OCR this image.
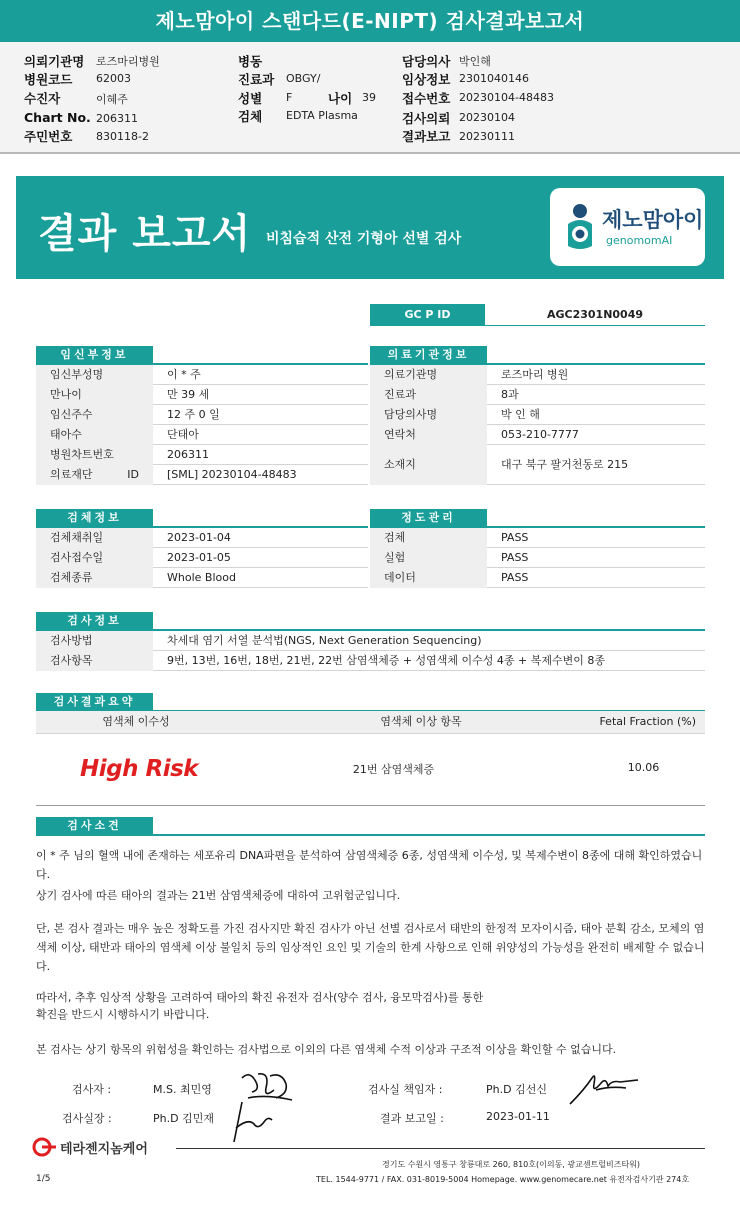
제노맘아이 스탠다드(E-NIPT) 검사결과보고서
의뢰기관명 로즈마리병원
병원코드 62003
수진자	이혜주
Chart No. 206311
주민번호 830118-2
병동
진료과 OBGY/
성별 F	나이 39
검체 EDTA Plasma
담당의사 박인해
임상정보 2301040146
접수번호 20230104-48483
검사의뢰 20230104
결과보고 20230111
결과 보고서 비침습적 산전 기형아 선별 검사
제노맘아이
genomomAI
GC P ID	AGC2301N0049
임신부정보
임신부성명	이 * 주
만나이	만 39 세
임신주수	12 주 0 일
태아수	단태아
병원차트번호	206311
의료재단 ID	[SML] 20230104-48483
의료기관정보
의료기관명	로즈마리 병원
진료과	8과
담당의사명	박 인 해
연락처	053-210-7777
소재지	대구 북구 팔거천동로 215
검체정보
검체채취일	2023-01-04
검사접수일	2023-01-05
검체종류	Whole Blood
정도관리
검체	PASS
실험	PASS
데이터	PASS
검사정보
검사방법	차세대 염기 서열 분석법(NGS, Next Generation Sequencing)
검사항목	9번, 13번, 16번, 18번, 21번, 22번 삼염색체증 + 성염색체 이수성 4종 + 복제수변이 8종
검사결과요약
염색체 이수성	염색체 이상 항목	Fetal Fraction (%)
High Risk	21번 삼염색체증	10.06
검사소견
이 * 주 님의 혈액 내에 존재하는 세포유리 DNA파편을 분석하여 삼염색체증 6종, 성염색체 이수성, 및 복제수변이 8종에 대해 확인하였습니다.
상기 검사에 따른 태아의 결과는 21번 삼염색체증에 대하여 고위험군입니다.
단, 본 검사 결과는 매우 높은 정확도를 가진 검사지만 확진 검사가 아닌 선별 검사로서 태반의 한정적 모자이시즘, 태아 분획 감소, 모체의 염색체 이상, 태반과 태아의 염색체 이상 불일치 등의 임상적인 요인 및 기술의 한계 사항으로 인해 위양성의 가능성을 완전히 배제할 수 없습니다.
따라서, 추후 임상적 상황을 고려하여 태아의 확진 유전자 검사(양수 검사, 융모막검사)를 통한
확진을 반드시 시행하시기 바랍니다.
본 검사는 상기 항목의 위험성을 확인하는 검사법으로 이외의 다른 염색체 수적 이상과 구조적 이상을 확인할 수 없습니다.
검사자 :	M.S. 최민영	검사실 책임자 :	Ph.D 김선신
검사실장 :	Ph.D 김민재	결과 보고일 :	2023-01-11
테라젠지놈케어
경기도 수원시 영통구 창룡대로 260, 810호(이의동, 광교센트럴비즈타워)
TEL. 1544-9771 / FAX. 031-8019-5004 Homepage. www.genomecare.net 유전자검사기관 274호
1/5
